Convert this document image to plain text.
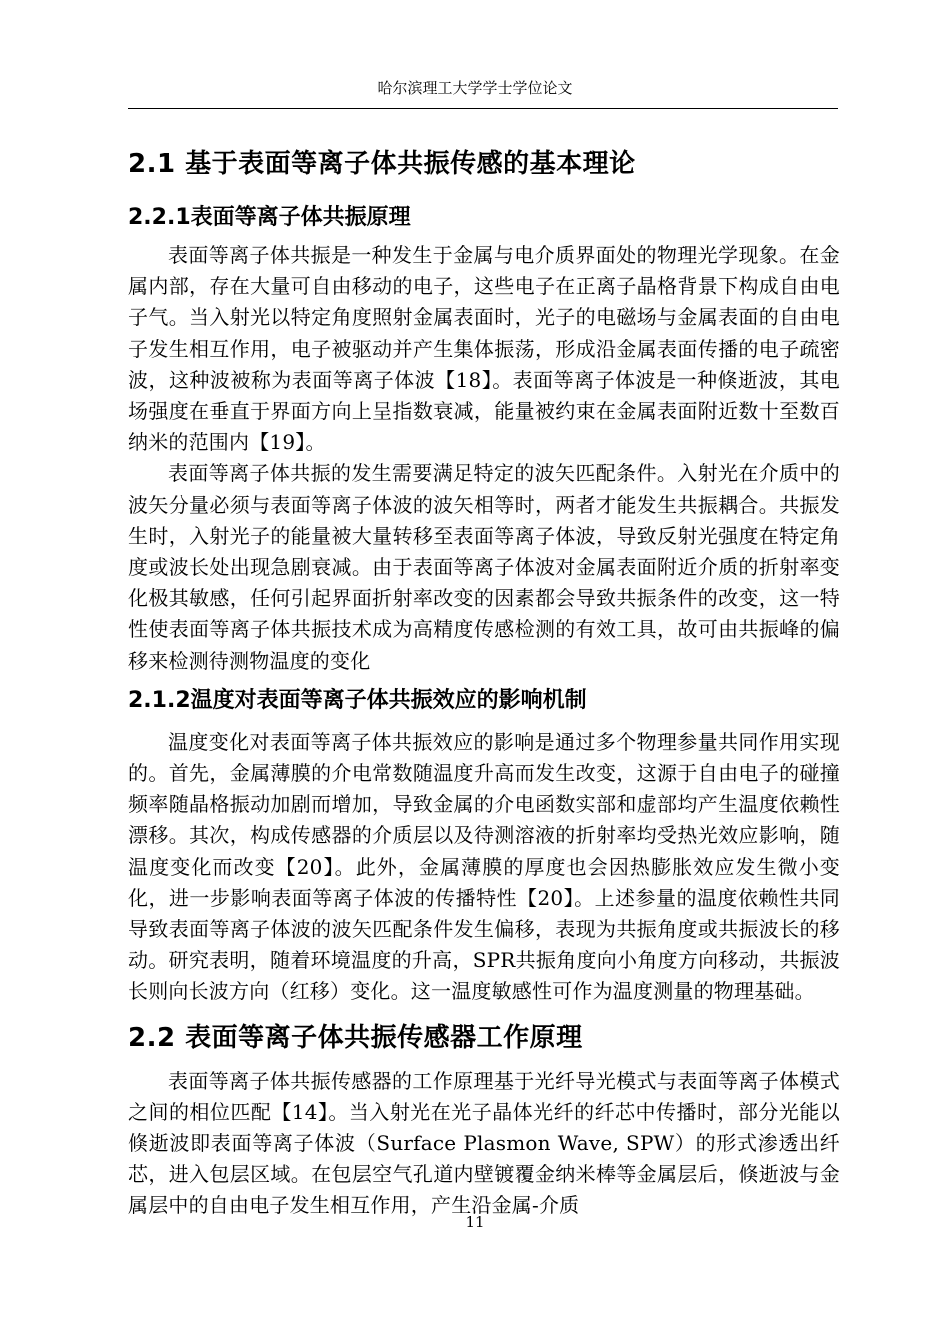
哈尔滨理工大学学士学位论文
2.1 基于表面等离子体共振传感的基本理论
2.2.1表面等离子体共振原理

表面等离子体共振是一种发生于金属与电介质界面处的物理光学现象。在金属内部，存在大量可自由移动的电子，这些电子在正离子晶格背景下构成自由电子气。当入射光以特定角度照射金属表面时，光子的电磁场与金属表面的自由电子发生相互作用，电子被驱动并产生集体振荡，形成沿金属表面传播的电子疏密波，这种波被称为表面等离子体波【18】。表面等离子体波是一种倏逝波，其电场强度在垂直于界面方向上呈指数衰减，能量被约束在金属表面附近数十至数百纳米的范围内【19】。

表面等离子体共振的发生需要满足特定的波矢匹配条件。入射光在介质中的波矢分量必须与表面等离子体波的波矢相等时，两者才能发生共振耦合。共振发生时，入射光子的能量被大量转移至表面等离子体波，导致反射光强度在特定角度或波长处出现急剧衰减。由于表面等离子体波对金属表面附近介质的折射率变化极其敏感，任何引起界面折射率改变的因素都会导致共振条件的改变，这一特性使表面等离子体共振技术成为高精度传感检测的有效工具，故可由共振峰的偏移来检测待测物温度的变化

2.1.2温度对表面等离子体共振效应的影响机制

温度变化对表面等离子体共振效应的影响是通过多个物理参量共同作用实现的。首先，金属薄膜的介电常数随温度升高而发生改变，这源于自由电子的碰撞频率随晶格振动加剧而增加，导致金属的介电函数实部和虚部均产生温度依赖性漂移。其次，构成传感器的介质层以及待测溶液的折射率均受热光效应影响，随温度变化而改变【20】。此外，金属薄膜的厚度也会因热膨胀效应发生微小变化，进一步影响表面等离子体波的传播特性【20】。上述参量的温度依赖性共同导致表面等离子体波的波矢匹配条件发生偏移，表现为共振角度或共振波长的移动。研究表明，随着环境温度的升高，SPR共振角度向小角度方向移动，共振波长则向长波方向（红移）变化。这一温度敏感性可作为温度测量的物理基础。

2.2 表面等离子体共振传感器工作原理

表面等离子体共振传感器的工作原理基于光纤导光模式与表面等离子体模式之间的相位匹配【14】。当入射光在光子晶体光纤的纤芯中传播时，部分光能以倏逝波即表面等离子体波（Surface Plasmon Wave, SPW）的形式渗透出纤芯，进入包层区域。在包层空气孔道内壁镀覆金纳米棒等金属层后，倏逝波与金属层中的自由电子发生相互作用，产生沿金属-介质

11
